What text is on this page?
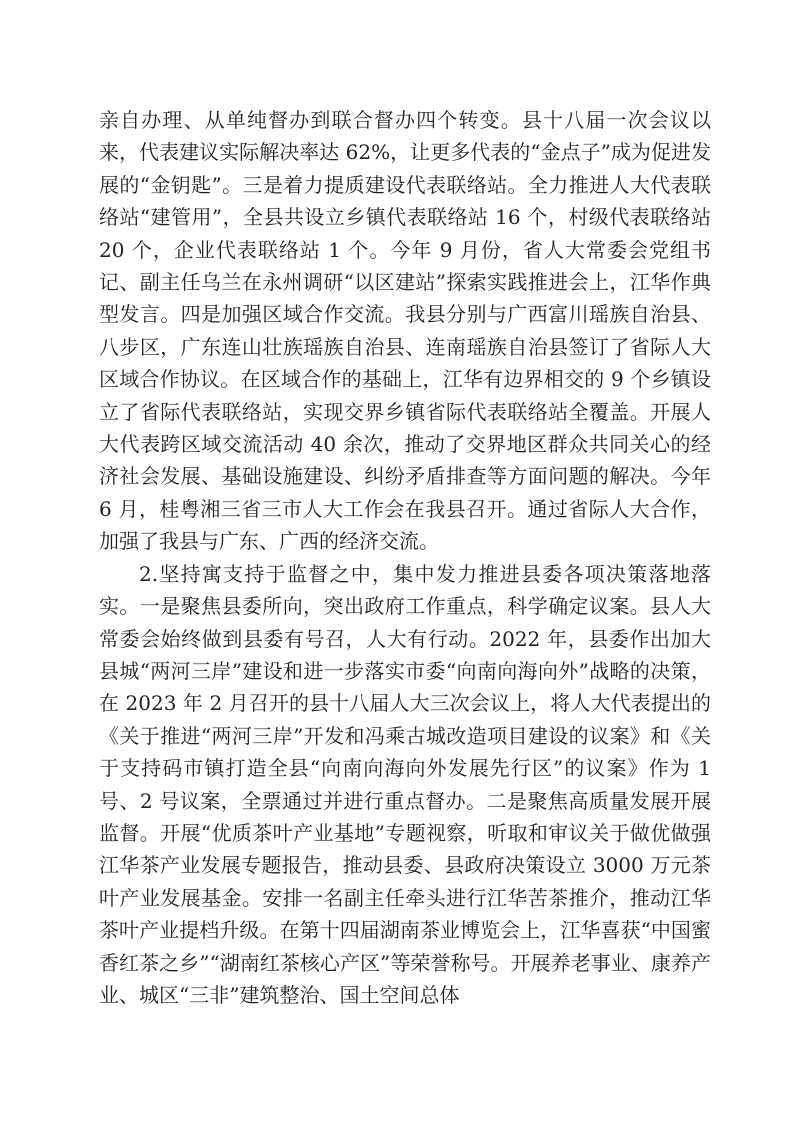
亲自办理、从单纯督办到联合督办四个转变。县十八届一次会议以来，代表建议实际解决率达 62%，让更多代表的“金点子”成为促进发展的“金钥匙”。三是着力提质建设代表联络站。全力推进人大代表联络站“建管用”，全县共设立乡镇代表联络站 16 个，村级代表联络站 20 个，企业代表联络站 1 个。今年 9 月份，省人大常委会党组书记、副主任乌兰在永州调研“以区建站”探索实践推进会上，江华作典型发言。四是加强区域合作交流。我县分别与广西富川瑶族自治县、八步区，广东连山壮族瑶族自治县、连南瑶族自治县签订了省际人大区域合作协议。在区域合作的基础上，江华有边界相交的 9 个乡镇设立了省际代表联络站，实现交界乡镇省际代表联络站全覆盖。开展人大代表跨区域交流活动 40 余次，推动了交界地区群众共同关心的经济社会发展、基础设施建设、纠纷矛盾排查等方面问题的解决。今年 6 月，桂粤湘三省三市人大工作会在我县召开。通过省际人大合作，加强了我县与广东、广西的经济交流。

2.坚持寓支持于监督之中，集中发力推进县委各项决策落地落实。一是聚焦县委所向，突出政府工作重点，科学确定议案。县人大常委会始终做到县委有号召，人大有行动。2022 年，县委作出加大县城“两河三岸”建设和进一步落实市委“向南向海向外”战略的决策，在 2023 年 2 月召开的县十八届人大三次会议上，将人大代表提出的《关于推进“两河三岸”开发和冯乘古城改造项目建设的议案》和《关于支持码市镇打造全县“向南向海向外发展先行区”的议案》作为 1 号、2 号议案，全票通过并进行重点督办。二是聚焦高质量发展开展监督。开展“优质茶叶产业基地”专题视察，听取和审议关于做优做强江华茶产业发展专题报告，推动县委、县政府决策设立 3000 万元茶叶产业发展基金。安排一名副主任牵头进行江华苦茶推介，推动江华茶叶产业提档升级。在第十四届湖南茶业博览会上，江华喜获“中国蜜香红茶之乡”“湖南红茶核心产区”等荣誉称号。开展养老事业、康养产业、城区“三非”建筑整治、国土空间总体
